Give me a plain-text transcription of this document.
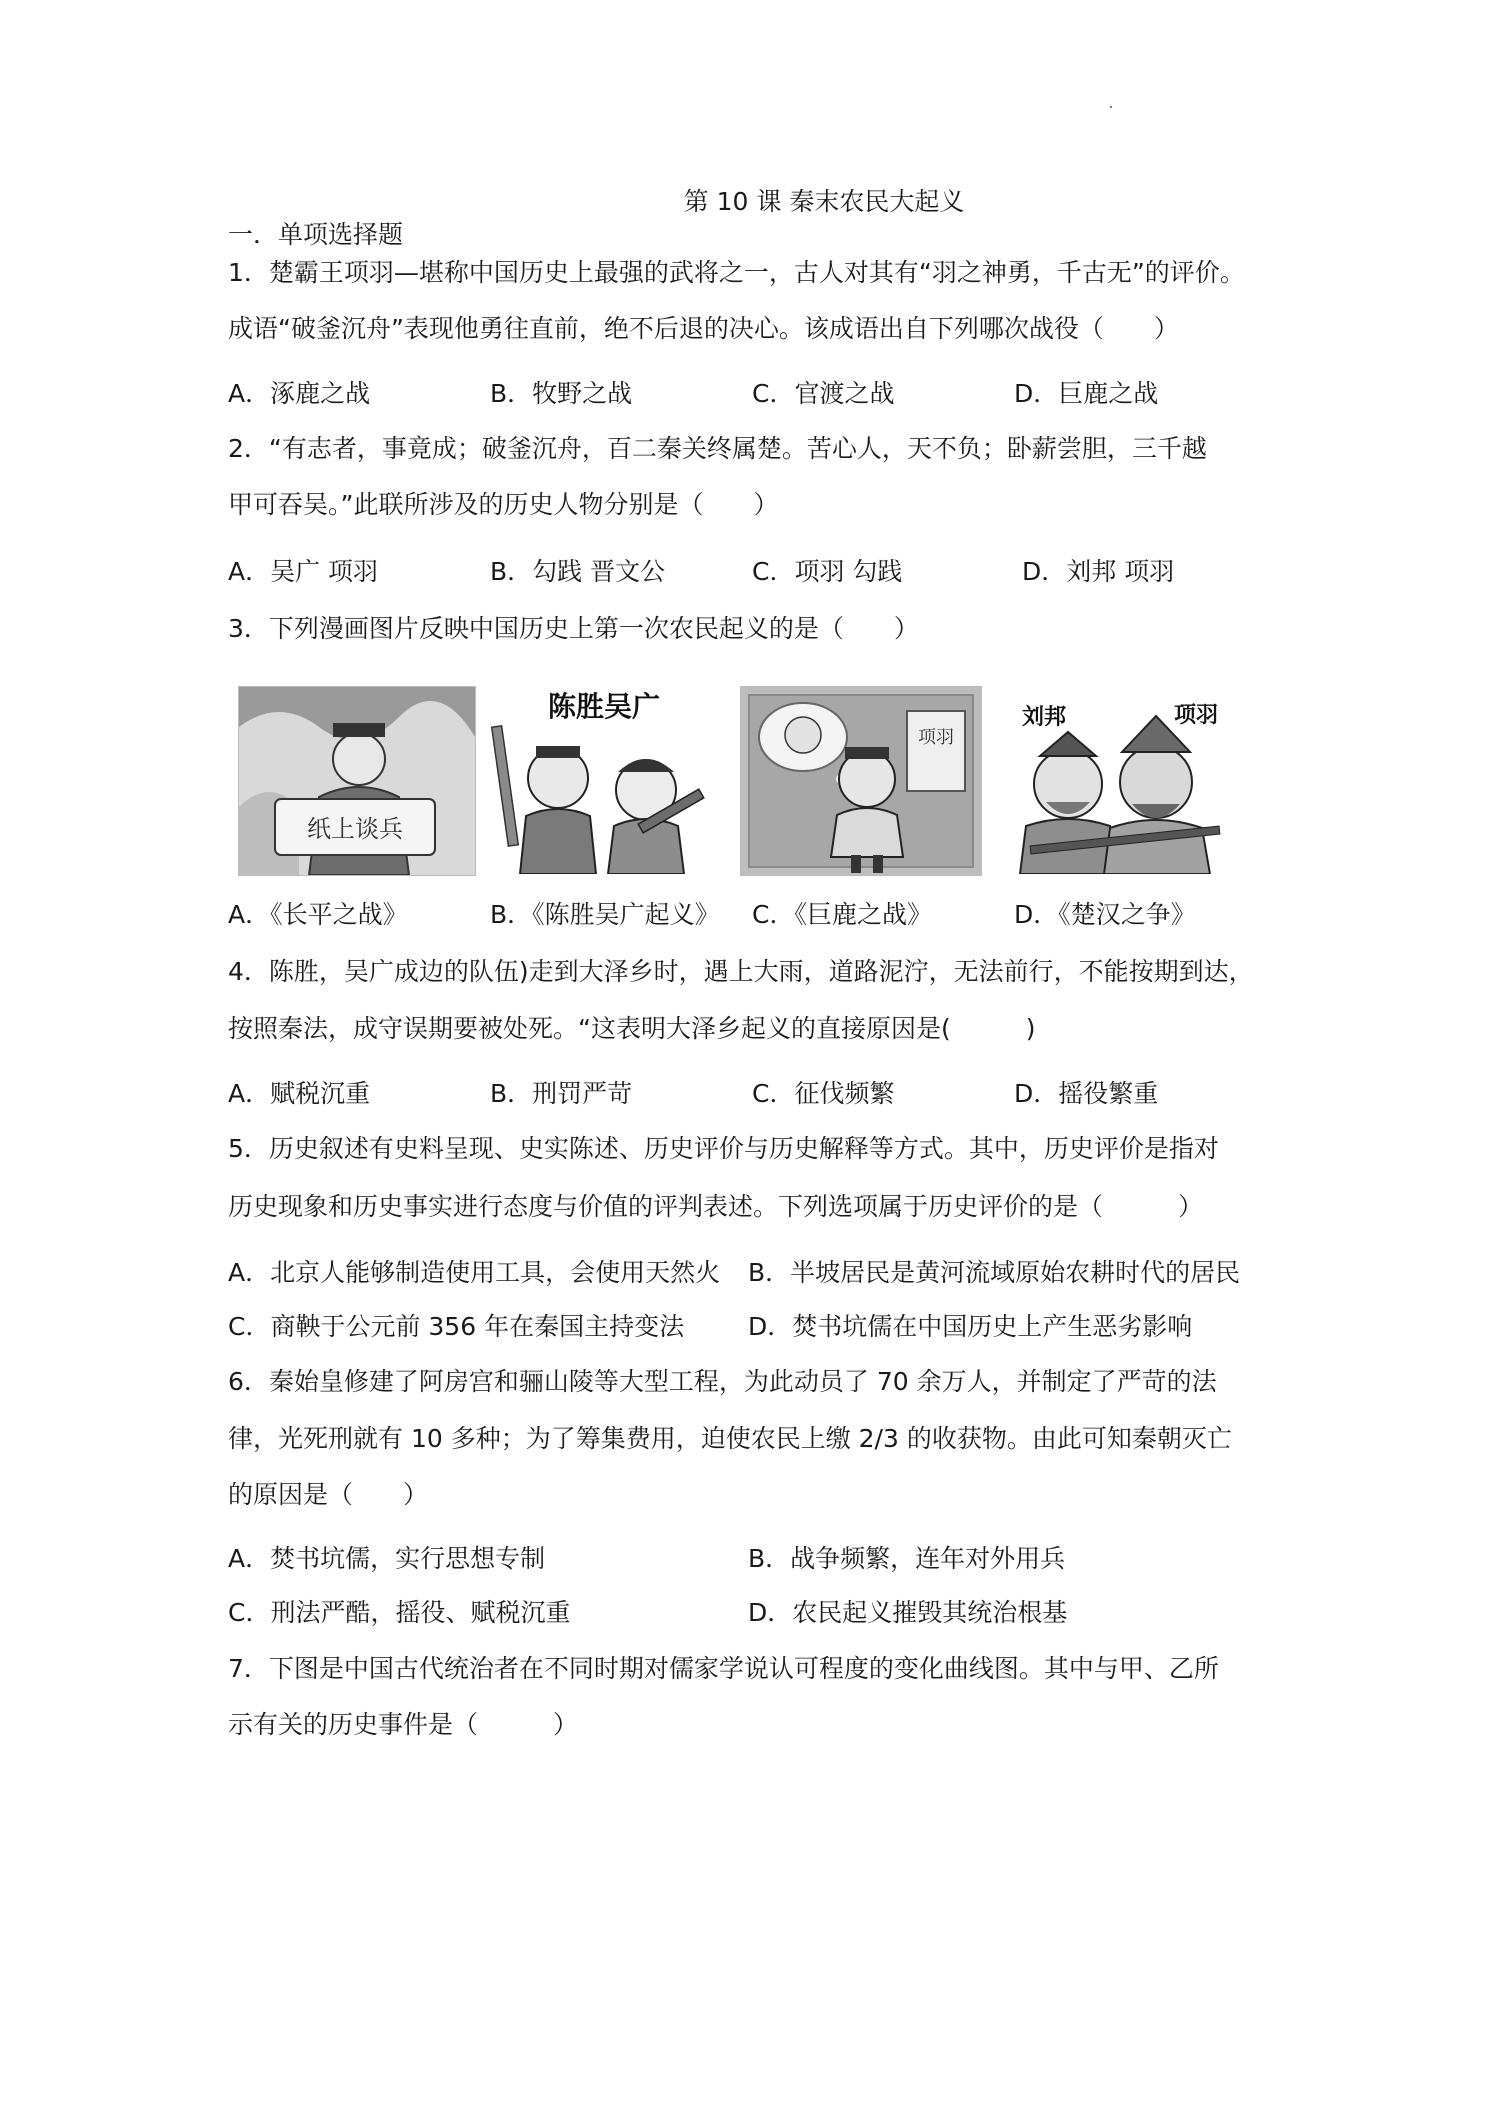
第 10 课 秦末农民大起义
一．单项选择题
1．楚霸王项羽—堪称中国历史上最强的武将之一，古人对其有“羽之神勇，千古无”的评价。
成语“破釜沉舟”表现他勇往直前，绝不后退的决心。该成语出自下列哪次战役（　　）
A．涿鹿之战	B．牧野之战	C．官渡之战	D．巨鹿之战
2．“有志者，事竟成；破釜沉舟，百二秦关终属楚。苦心人，天不负；卧薪尝胆，三千越
甲可吞吴。”此联所涉及的历史人物分别是（　　）
A．吴广 项羽	B．勾践 晋文公	C．项羽 勾践	D．刘邦 项羽
3．下列漫画图片反映中国历史上第一次农民起义的是（　　）
纸上谈兵
陈胜吴广
项羽
刘邦	项羽
A．《长平之战》	B．《陈胜吴广起义》 C．《巨鹿之战》	D．《楚汉之争》
4．陈胜，吴广成边的队伍)走到大泽乡时，遇上大雨，道路泥泞，无法前行，不能按期到达，
按照秦法，成守误期要被处死。“这表明大泽乡起义的直接原因是(　　　)
A．赋税沉重	B．刑罚严苛	C．征伐频繁	D．摇役繁重
5．历史叙述有史料呈现、史实陈述、历史评价与历史解释等方式。其中，历史评价是指对
历史现象和历史事实进行态度与价值的评判表述。下列选项属于历史评价的是（　　　）
A．北京人能够制造使用工具，会使用天然火 B．半坡居民是黄河流域原始农耕时代的居民
C．商鞅于公元前 356 年在秦国主持变法	D．焚书坑儒在中国历史上产生恶劣影响
6．秦始皇修建了阿房宫和骊山陵等大型工程，为此动员了 70 余万人，并制定了严苛的法
律，光死刑就有 10 多种；为了筹集费用，迫使农民上缴 2/3 的收获物。由此可知秦朝灭亡
的原因是（　　）
A．焚书坑儒，实行思想专制	B．战争频繁，连年对外用兵
C．刑法严酷，摇役、赋税沉重	D．农民起义摧毁其统治根基
7．下图是中国古代统治者在不同时期对儒家学说认可程度的变化曲线图。其中与甲、乙所
示有关的历史事件是（　　　）
